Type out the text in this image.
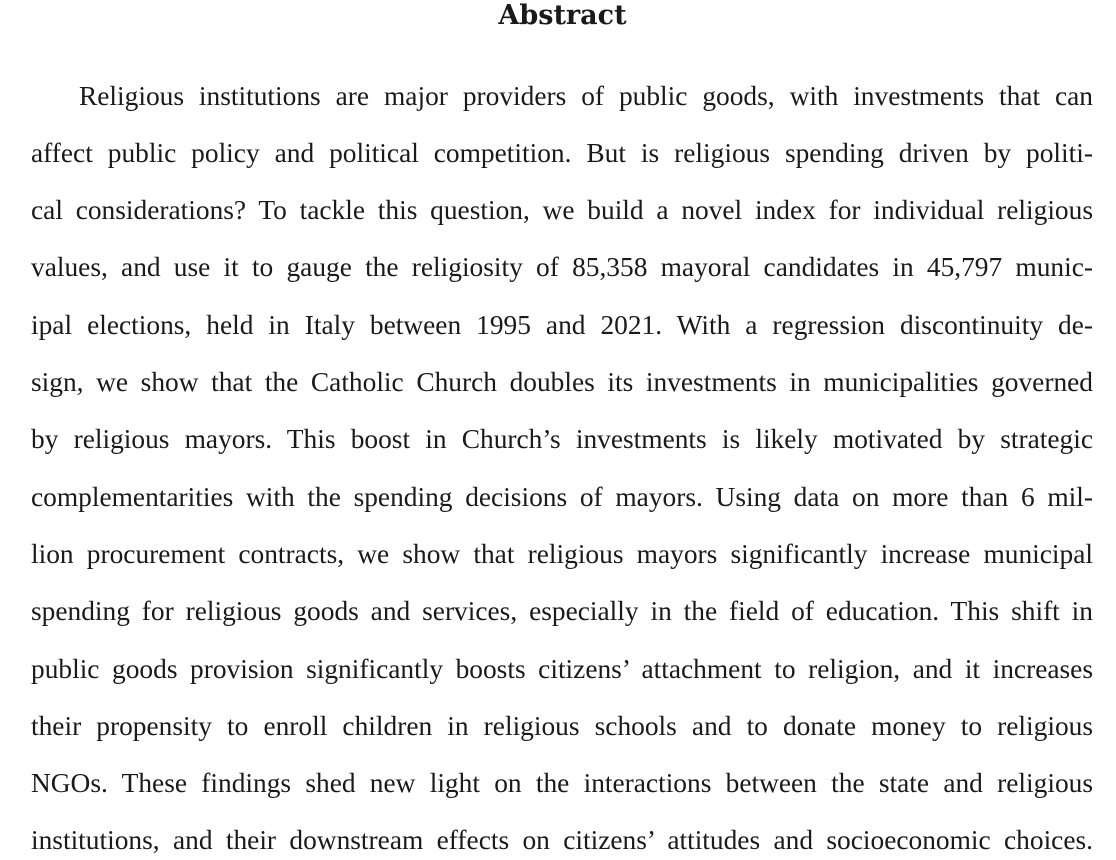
Abstract
Religious institutions are major providers of public goods, with investments that can
affect public policy and political competition. But is religious spending driven by politi-
cal considerations? To tackle this question, we build a novel index for individual religious
values, and use it to gauge the religiosity of 85,358 mayoral candidates in 45,797 munic-
ipal elections, held in Italy between 1995 and 2021. With a regression discontinuity de-
sign, we show that the Catholic Church doubles its investments in municipalities governed
by religious mayors. This boost in Church’s investments is likely motivated by strategic
complementarities with the spending decisions of mayors. Using data on more than 6 mil-
lion procurement contracts, we show that religious mayors significantly increase municipal
spending for religious goods and services, especially in the field of education. This shift in
public goods provision significantly boosts citizens’ attachment to religion, and it increases
their propensity to enroll children in religious schools and to donate money to religious
NGOs. These findings shed new light on the interactions between the state and religious
institutions, and their downstream effects on citizens’ attitudes and socioeconomic choices.
